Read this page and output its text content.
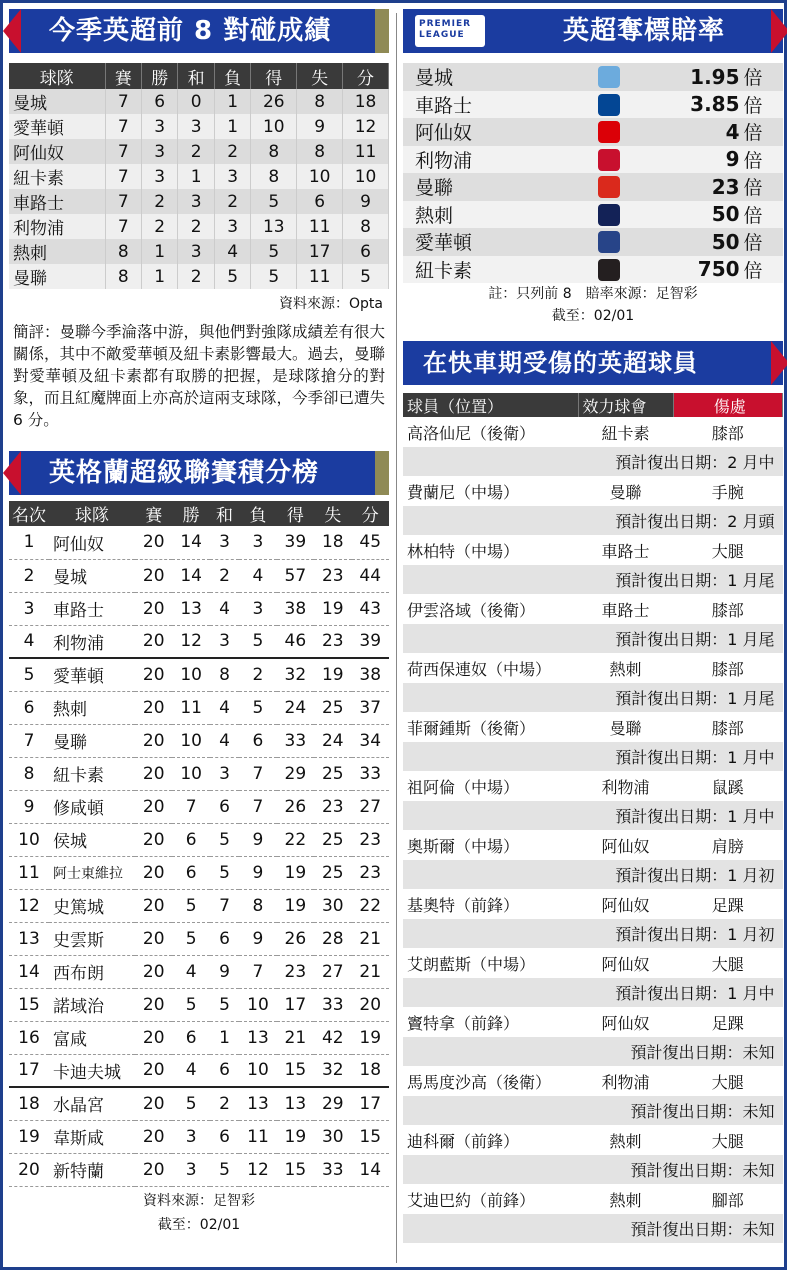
今季英超前 8 對碰成績
球隊	賽	勝	和	負	得	失	分
曼城	7	6	0	1	26	8	18
愛華頓	7	3	3	1	10	9	12
阿仙奴	7	3	2	2	8	8	11
紐卡素	7	3	1	3	8	10	10
車路士	7	2	3	2	5	6	9
利物浦	7	2	2	3	13	11	8
熱刺	8	1	3	4	5	17	6
曼聯	8	1	2	5	5	11	5
資料來源：Opta
簡評：曼聯今季淪落中游，與他們對強隊成績差有很大關係，其中不敵愛華頓及紐卡素影響最大。過去，曼聯對愛華頓及紐卡素都有取勝的把握，是球隊搶分的對象，而且紅魔牌面上亦高於這兩支球隊，今季卻已遭失 6 分。
英格蘭超級聯賽積分榜
名次	球隊	賽	勝	和	負	得	失	分
1	阿仙奴	20	14	3	3	39	18	45
2	曼城	20	14	2	4	57	23	44
3	車路士	20	13	4	3	38	19	43
4	利物浦	20	12	3	5	46	23	39
5	愛華頓	20	10	8	2	32	19	38
6	熱刺	20	11	4	5	24	25	37
7	曼聯	20	10	4	6	33	24	34
8	紐卡素	20	10	3	7	29	25	33
9	修咸頓	20	7	6	7	26	23	27
10	侯城	20	6	5	9	22	25	23
11	阿士東維拉	20	6	5	9	19	25	23
12	史篤城	20	5	7	8	19	30	22
13	史雲斯	20	5	6	9	26	28	21
14	西布朗	20	4	9	7	23	27	21
15	諾域治	20	5	5	10	17	33	20
16	富咸	20	6	1	13	21	42	19
17	卡迪夫城	20	4	6	10	15	32	18
18	水晶宮	20	5	2	13	13	29	17
19	韋斯咸	20	3	6	11	19	30	15
20	新特蘭	20	3	5	12	15	33	14
資料來源：足智彩
截至：02/01
PREMIER LEAGUE	英超奪標賠率
曼城		1.95	倍
車路士		3.85	倍
阿仙奴		4	倍
利物浦		9	倍
曼聯		23	倍
熱刺		50	倍
愛華頓		50	倍
紐卡素		750	倍
註：只列前 8　賠率來源：足智彩
截至：02/01
在快車期受傷的英超球員
球員（位置）	效力球會	傷處
高洛仙尼（後衛）	紐卡素	膝部
預計復出日期：2 月中		
費蘭尼（中場）	曼聯	手腕
預計復出日期：2 月頭		
林柏特（中場）	車路士	大腿
預計復出日期：1 月尾		
伊雲洛域（後衛）	車路士	膝部
預計復出日期：1 月尾		
荷西保連奴（中場）	熱刺	膝部
預計復出日期：1 月尾		
菲爾鍾斯（後衛）	曼聯	膝部
預計復出日期：1 月中		
祖阿倫（中場）	利物浦	鼠蹊
預計復出日期：1 月中		
奧斯爾（中場）	阿仙奴	肩膀
預計復出日期：1 月初		
基奧特（前鋒）	阿仙奴	足踝
預計復出日期：1 月初		
艾朗藍斯（中場）	阿仙奴	大腿
預計復出日期：1 月中		
竇特拿（前鋒）	阿仙奴	足踝
預計復出日期：未知		
馬馬度沙高（後衛）	利物浦	大腿
預計復出日期：未知		
迪科爾（前鋒）	熱刺	大腿
預計復出日期：未知		
艾迪巴約（前鋒）	熱刺	腳部
預計復出日期：未知		
